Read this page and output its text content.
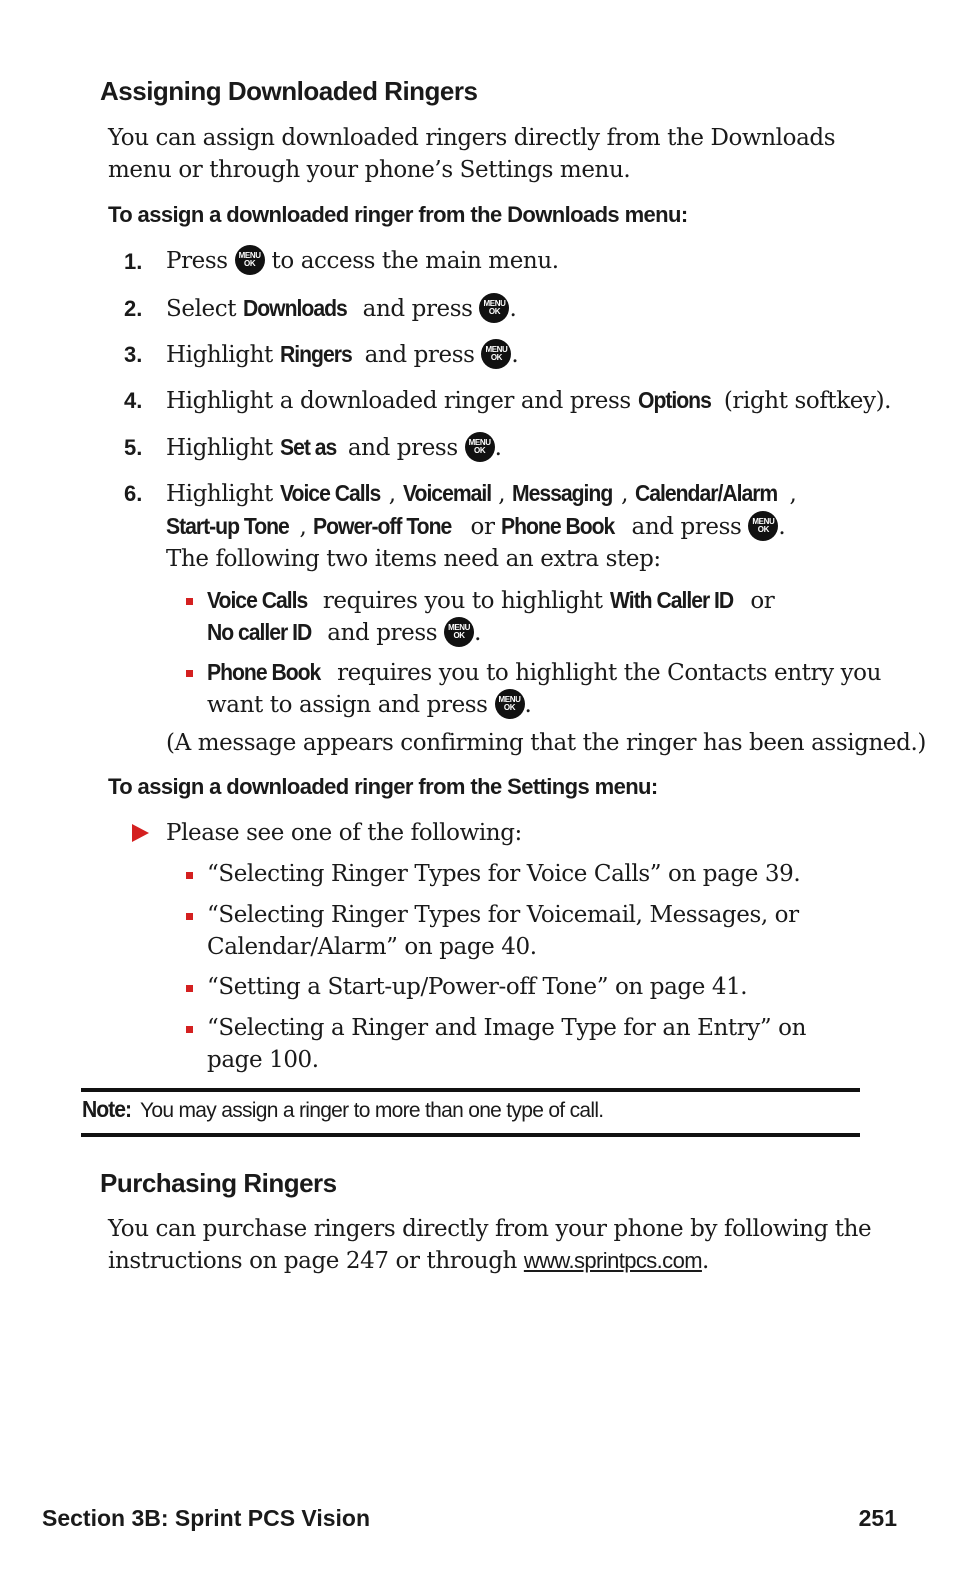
Assigning Downloaded Ringers
You can assign downloaded ringers directly from the Downloads
menu or through your phone’s Settings menu.
To assign a downloaded ringer from the Downloads menu:
1. Press MENU
OK to access the main menu.
2. Select Downloads and press MENU
OK .
3. Highlight Ringers and press MENU
OK .
4. Highlight a downloaded ringer and press Options (right softkey).
5. Highlight Set as and press MENU
OK .
6. Highlight Voice Calls , Voicemail , Messaging , Calendar/Alarm ,
Start-up Tone , Power-off Tone or Phone Book and press MENU
OK .
The following two items need an extra step:
Voice Calls requires you to highlight With Caller ID or
No caller ID and press MENU
OK .
Phone Book requires you to highlight the Contacts entry you
want to assign and press MENU
OK .
(A message appears confirming that the ringer has been assigned.)
To assign a downloaded ringer from the Settings menu:
Please see one of the following:
“Selecting Ringer Types for Voice Calls” on page 39.
“Selecting Ringer Types for Voicemail, Messages, or
Calendar/Alarm” on page 40.
“Setting a Start-up/Power-off Tone” on page 41.
“Selecting a Ringer and Image Type for an Entry” on
page 100.
Note: You may assign a ringer to more than one type of call.
Purchasing Ringers
You can purchase ringers directly from your phone by following the
instructions on page 247 or through www.sprintpcs.com.
Section 3B: Sprint PCS Vision	251
